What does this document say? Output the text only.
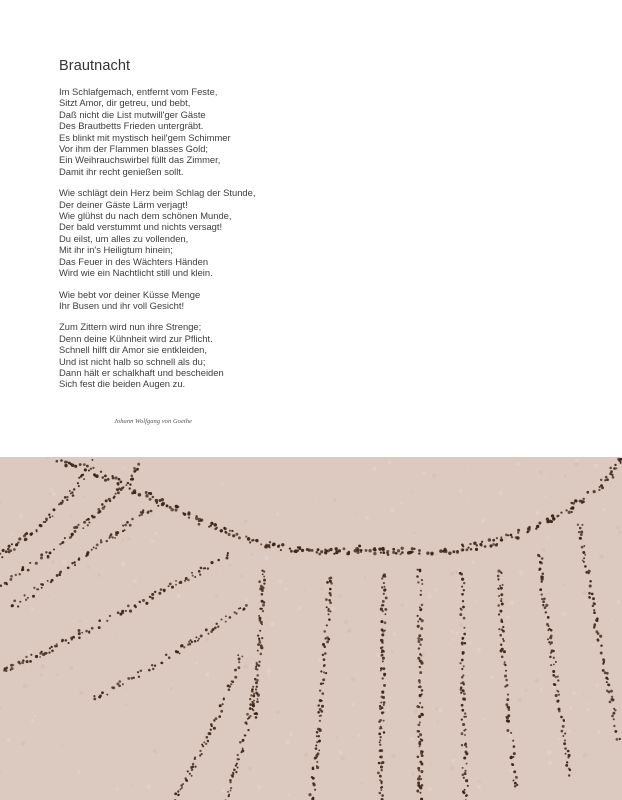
Brautnacht
Im Schlafgemach, entfernt vom Feste,
Sitzt Amor, dir getreu, und bebt,
Daß nicht die List mutwill'ger Gäste
Des Brautbetts Frieden untergräbt.
Es blinkt mit mystisch heil'gem Schimmer
Vor ihm der Flammen blasses Gold;
Ein Weihrauchswirbel füllt das Zimmer,
Damit ihr recht genießen sollt.
Wie schlägt dein Herz beim Schlag der Stunde,
Der deiner Gäste Lärm verjagt!
Wie glühst du nach dem schönen Munde,
Der bald verstummt und nichts versagt!
Du eilst, um alles zu vollenden,
Mit ihr in's Heiligtum hinein;
Das Feuer in des Wächters Händen
Wird wie ein Nachtlicht still und klein.
Wie bebt vor deiner Küsse Menge
Ihr Busen und ihr voll Gesicht!
Zum Zittern wird nun ihre Strenge;
Denn deine Kühnheit wird zur Pflicht.
Schnell hilft dir Amor sie entkleiden,
Und ist nicht halb so schnell als du;
Dann hält er schalkhaft und bescheiden
Sich fest die beiden Augen zu.
Johann Wolfgang von Goethe
